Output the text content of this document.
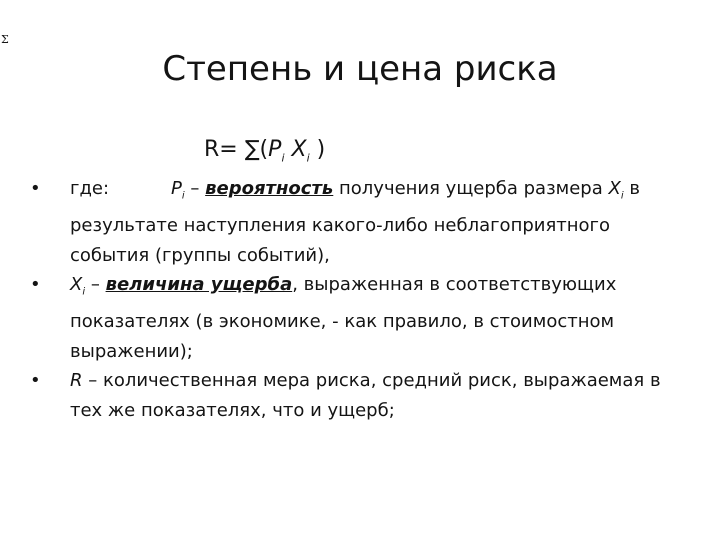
Σ
Степень и цена риска
$R= \sum(P_i$ $X_i$ )
•	где:	$P_i$ – вероятность получения ущерба размера $X_i$ в результате наступления какого-либо неблагоприятного события (группы событий),
•	$X_i$ – величина ущерба, выраженная в соответствующих показателях (в экономике, - как правило, в стоимостном выражении);
•	R – количественная мера риска, средний риск, выражаемая в тех же показателях, что и ущерб;
